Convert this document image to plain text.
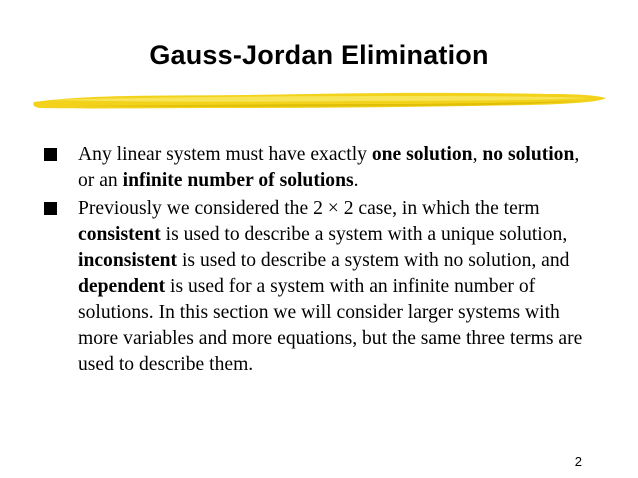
Gauss-Jordan Elimination
Any linear system must have exactly one solution, no solution, or an infinite number of solutions.
Previously we considered the 2 × 2 case, in which the term consistent is used to describe a system with a unique solution, inconsistent is used to describe a system with no solution, and dependent is used for a system with an infinite number of solutions. In this section we will consider larger systems with more variables and more equations, but the same three terms are used to describe them.
2
